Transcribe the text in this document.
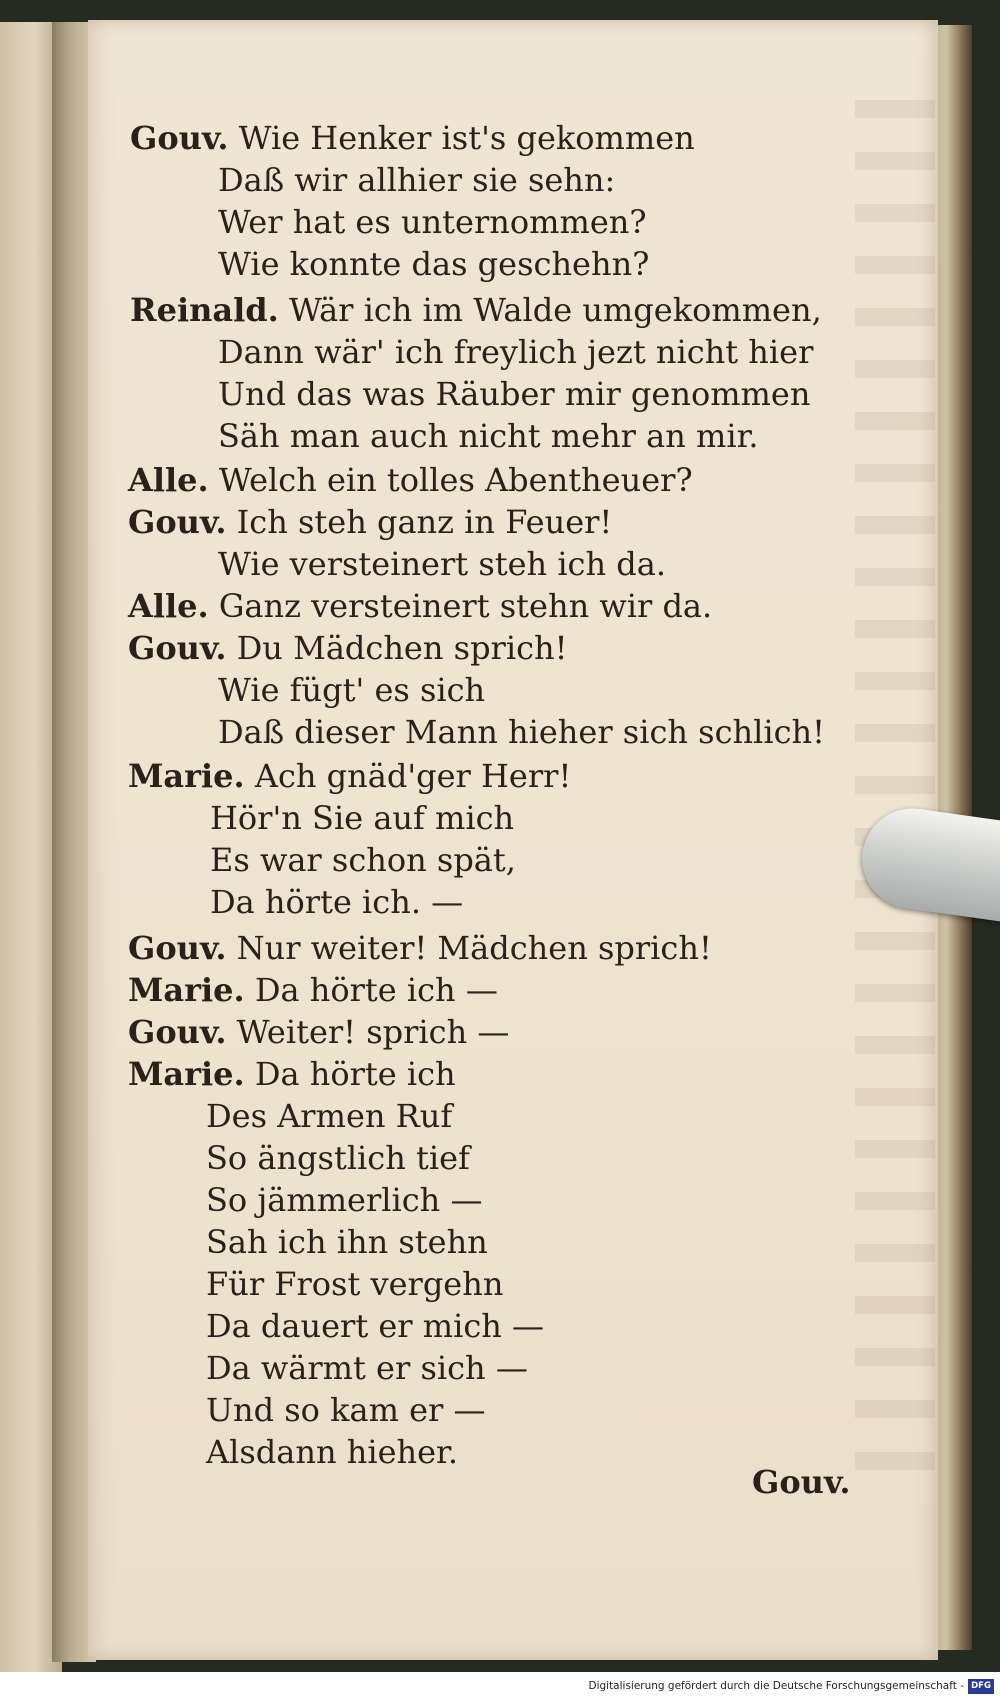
Gouv. Wie Henker ist's gekommen
Daß wir allhier sie sehn:
Wer hat es unternommen?
Wie konnte das geschehn?
Reinald. Wär ich im Walde umgekommen,
Dann wär' ich freylich jezt nicht hier
Und das was Räuber mir genommen
Säh man auch nicht mehr an mir.
Alle. Welch ein tolles Abentheuer?
Gouv. Ich steh ganz in Feuer!
Wie versteinert steh ich da.
Alle. Ganz versteinert stehn wir da.
Gouv. Du Mädchen sprich!
Wie fügt' es sich
Daß dieser Mann hieher sich schlich!
Marie. Ach gnäd'ger Herr!
Hör'n Sie auf mich
Es war schon spät,
Da hörte ich. —
Gouv. Nur weiter! Mädchen sprich!
Marie. Da hörte ich —
Gouv. Weiter! sprich —
Marie. Da hörte ich
Des Armen Ruf
So ängstlich tief
So jämmerlich —
Sah ich ihn stehn
Für Frost vergehn
Da dauert er mich —
Da wärmt er sich —
Und so kam er —
Alsdann hieher.
Gouv.
Digitalisierung gefördert durch die Deutsche Forschungsgemeinschaft - DFG
